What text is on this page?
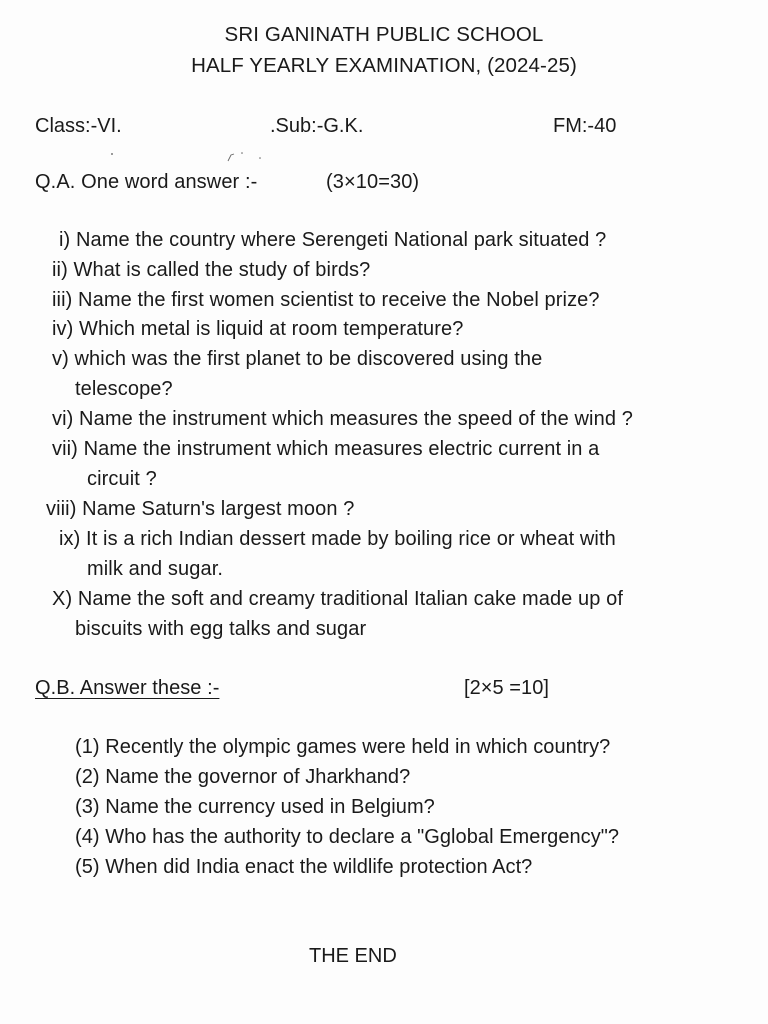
SRI GANINATH PUBLIC SCHOOL
HALF YEARLY EXAMINATION, (2024-25)
Class:-VI.	.Sub:-G.K.	FM:-40
Q.A. One word answer :-	(3×10=30)
i) Name the country where Serengeti National park situated ?
ii) What is called the study of birds?
iii) Name the first women scientist to receive the Nobel prize?
iv) Which metal is liquid at room temperature?
v) which was the first planet to be discovered using the
telescope?
vi) Name the instrument which measures the speed of the wind ?
vii) Name the instrument which measures electric current in a
circuit ?
viii) Name Saturn's largest moon ?
ix) It is a rich Indian dessert made by boiling rice or wheat with
milk and sugar.
X) Name the soft and creamy traditional Italian cake made up of
biscuits with egg talks and sugar
Q.B. Answer these :-	[2×5 =10]
(1) Recently the olympic games were held in which country?
(2) Name the governor of Jharkhand?
(3) Name the currency used in Belgium?
(4) Who has the authority to declare a "Gglobal Emergency"?
(5) When did India enact the wildlife protection Act?
THE END
